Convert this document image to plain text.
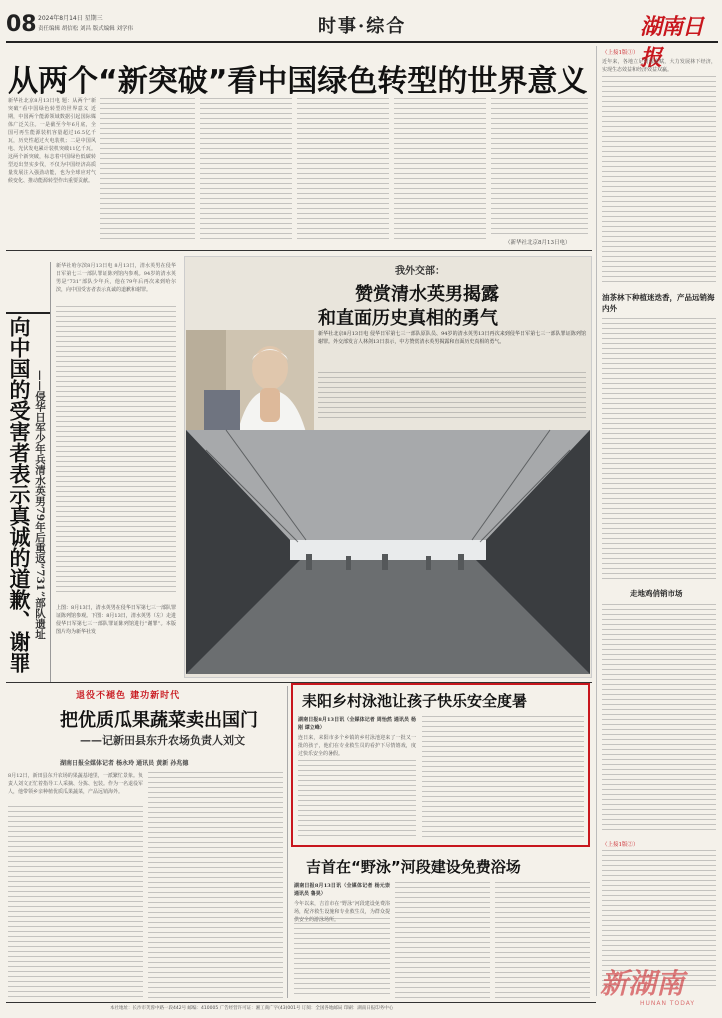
08 2024年8月14日 星期三
责任编辑 胡信松 刘昌 版式编辑 刘学伟	时事·综合	湖南日报
从两个“新突破”看中国绿色转型的世界意义
新华社北京8月13日电 题：从两个“新突破”看中国绿色转型的世界意义 近期，中国两个能源领域数据引起国际媒体广泛关注。一是截至今年6月底，全国可再生能源装机容量超过16.5亿千瓦，历史性超过火电装机；二是中国风电、光伏发电累计装机突破11亿千瓦。这两个新突破，标志着中国绿色低碳转型迈出坚实步伐，不仅为中国经济高质量发展注入强劲动能，也为全球应对气候变化、推动能源转型作出重要贡献。
（新华社北京8月13日电）
（上接1版①）
近年来，各地立足资源禀赋，大力发展林下经济，实现生态效益和经济效益双赢。
油茶林下种植迷迭香，产品远销海内外
走地鸡俏销市场
（上接1版②）
向中国的受害者表示真诚的道歉、谢罪 ——侵华日军少年兵清水英男79年后重返“731”部队遗址
新华社哈尔滨8月13日电 8月13日，清水英男在侵华日军第七三一部队罪证陈列馆内参观。94岁的清水英男是“731”部队少年兵，他在79年后再次来到哈尔滨，向中国受害者表示真诚的道歉和谢罪。
上图：8月13日，清水英男在侵华日军第七三一部队罪证陈列馆参观。下图：8月13日，清水英男（左）走进侵华日军第七三一部队罪证陈列馆进行“谢罪”。本版图片均为新华社发
我外交部：
赞赏清水英男揭露
和直面历史真相的勇气
新华社北京8月13日电 侵华日军第七三一部队原队员、94岁的清水英男13日再次来到侵华日军第七三一部队罪证陈列馆谢罪。外交部发言人林剑13日表示，中方赞赏清水英男揭露和直面历史真相的勇气。
退役不褪色 建功新时代
把优质瓜果蔬菜卖出国门
——记新田县东升农场负责人刘文
湖南日报全媒体记者 杨永玲 通讯员 黄新 孙兆德
8月12日，新田县东升农场的果蔬基地里，一派繁忙景象。负责人刘文正忙着指导工人采摘、分拣、包装。作为一名退役军人，他带领乡亲种植优质瓜果蔬菜，产品远销海外。
耒阳乡村泳池让孩子快乐安全度暑
湖南日报8月13日讯（全媒体记者 周怡然 通讯员 杨刚 谭立峰）
连日来，耒阳市多个乡镇的乡村泳池迎来了一批又一批的孩子，他们在专业救生员的看护下尽情嬉戏，度过快乐安全的暑假。
吉首在“野泳”河段建设免费浴场
湖南日报8月13日讯（全媒体记者 杨元崇 通讯员 鲁昊）
今年以来，吉首市在“野泳”河段建设免费浴场，配齐救生设施和专业救生员，为群众提供安全的游泳场所。
新湖南
HUNAN TODAY
本社地址：长沙市芙蓉中路一段442号 邮编：410005 广告经营许可证：湘工商广字(43)001号 订阅：全国各地邮局 印刷：湖南日报印务中心
